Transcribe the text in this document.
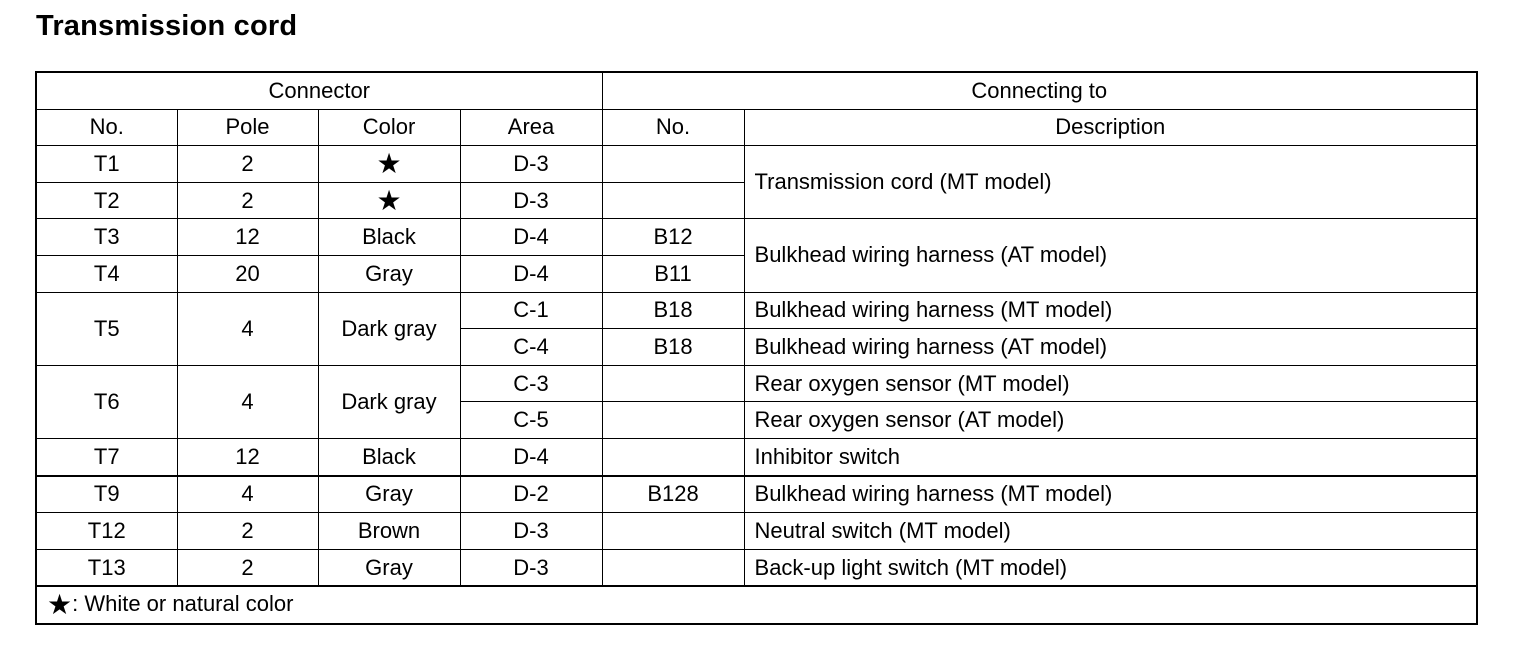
Transmission cord
Connector				Connecting to	
No.	Pole	Color	Area	No.	Description
T1	2	★	D-3		Transmission cord (MT model)
T2	2	★	D-3		
T3	12	Black	D-4	B12	Bulkhead wiring harness (AT model)
T4	20	Gray	D-4	B11	
T5	4	Dark gray	C-1	B18	Bulkhead wiring harness (MT model)
			C-4	B18	Bulkhead wiring harness (AT model)
T6	4	Dark gray	C-3		Rear oxygen sensor (MT model)
			C-5		Rear oxygen sensor (AT model)
T7	12	Black	D-4		Inhibitor switch
T9	4	Gray	D-2	B128	Bulkhead wiring harness (MT model)
T12	2	Brown	D-3		Neutral switch (MT model)
T13	2	Gray	D-3		Back-up light switch (MT model)
★: White or natural color					
